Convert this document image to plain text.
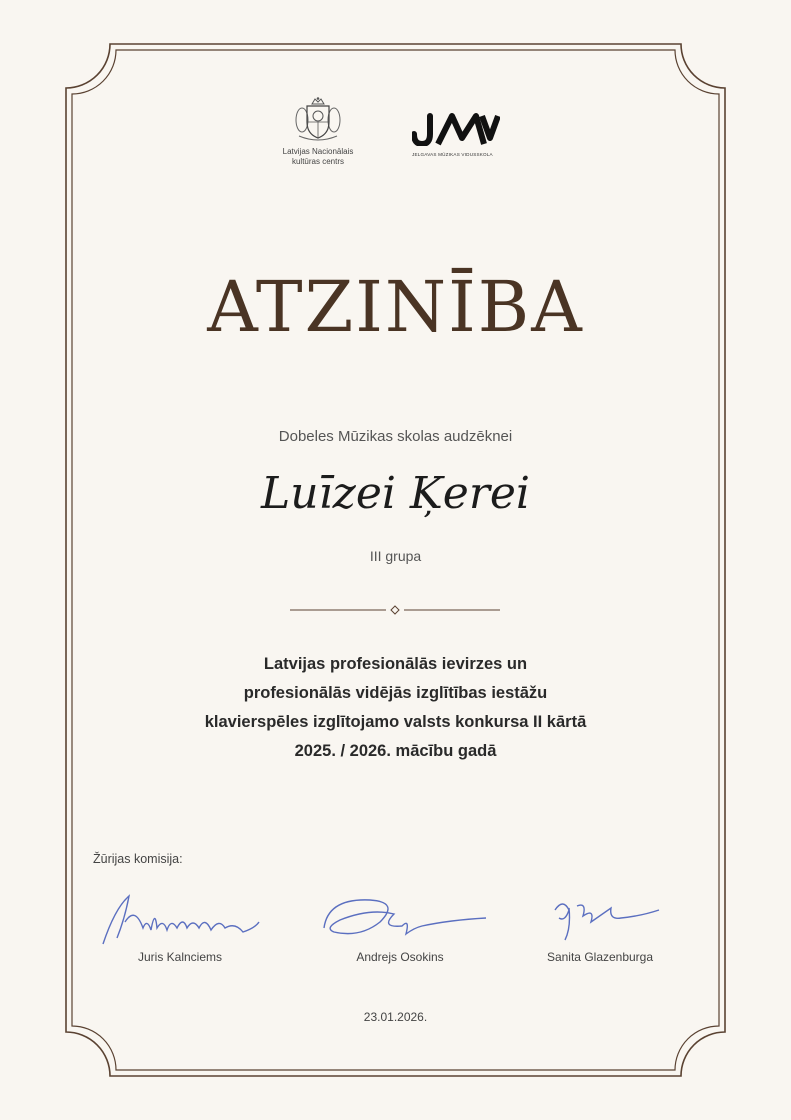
Latvijas Nacionālais
kultūras centrs
JELGAVAS MŪZIKAS VIDUSSKOLA
ATZINĪBA
Dobeles Mūzikas skolas audzēknei
Luīzei Ķerei
III grupa
Latvijas profesionālās ievirzes un
profesionālās vidējās izglītības iestāžu
klavierspēles izglītojamo valsts konkursa II kārtā
2025. / 2026. mācību gadā
Žūrijas komisija:
Juris Kalnciems	Andrejs Osokins	Sanita Glazenburga
23.01.2026.
